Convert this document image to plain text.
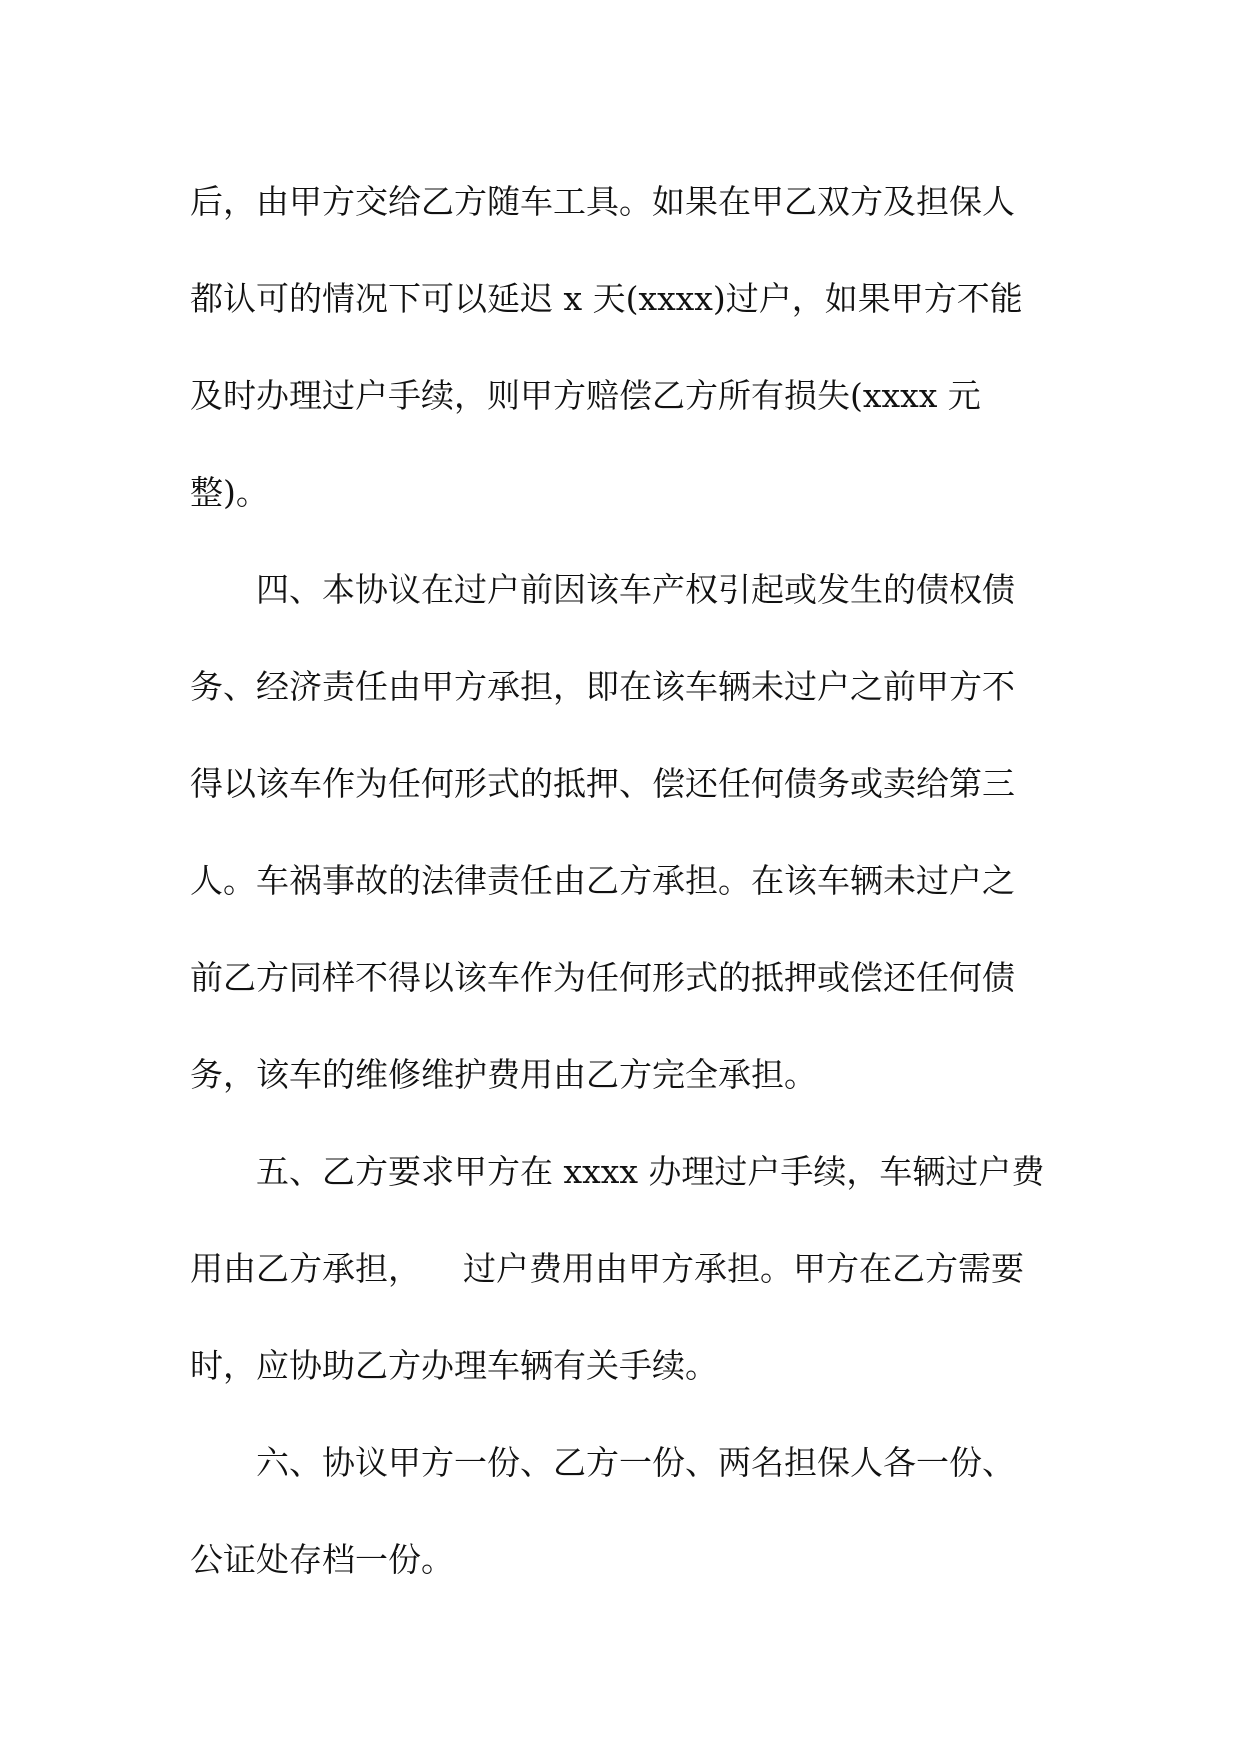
后，由甲方交给乙方随车工具。如果在甲乙双方及担保人

都认可的情况下可以延迟 x 天(xxxx)过户，如果甲方不能

及时办理过户手续，则甲方赔偿乙方所有损失(xxxx 元

整)。

四、本协议在过户前因该车产权引起或发生的债权债

务、经济责任由甲方承担，即在该车辆未过户之前甲方不

得以该车作为任何形式的抵押、偿还任何债务或卖给第三

人。车祸事故的法律责任由乙方承担。在该车辆未过户之

前乙方同样不得以该车作为任何形式的抵押或偿还任何债

务，该车的维修维护费用由乙方完全承担。

五、乙方要求甲方在 xxxx 办理过户手续，车辆过户费

用由乙方承担，    过户费用由甲方承担。甲方在乙方需要

时，应协助乙方办理车辆有关手续。

六、协议甲方一份、乙方一份、两名担保人各一份、

公证处存档一份。
